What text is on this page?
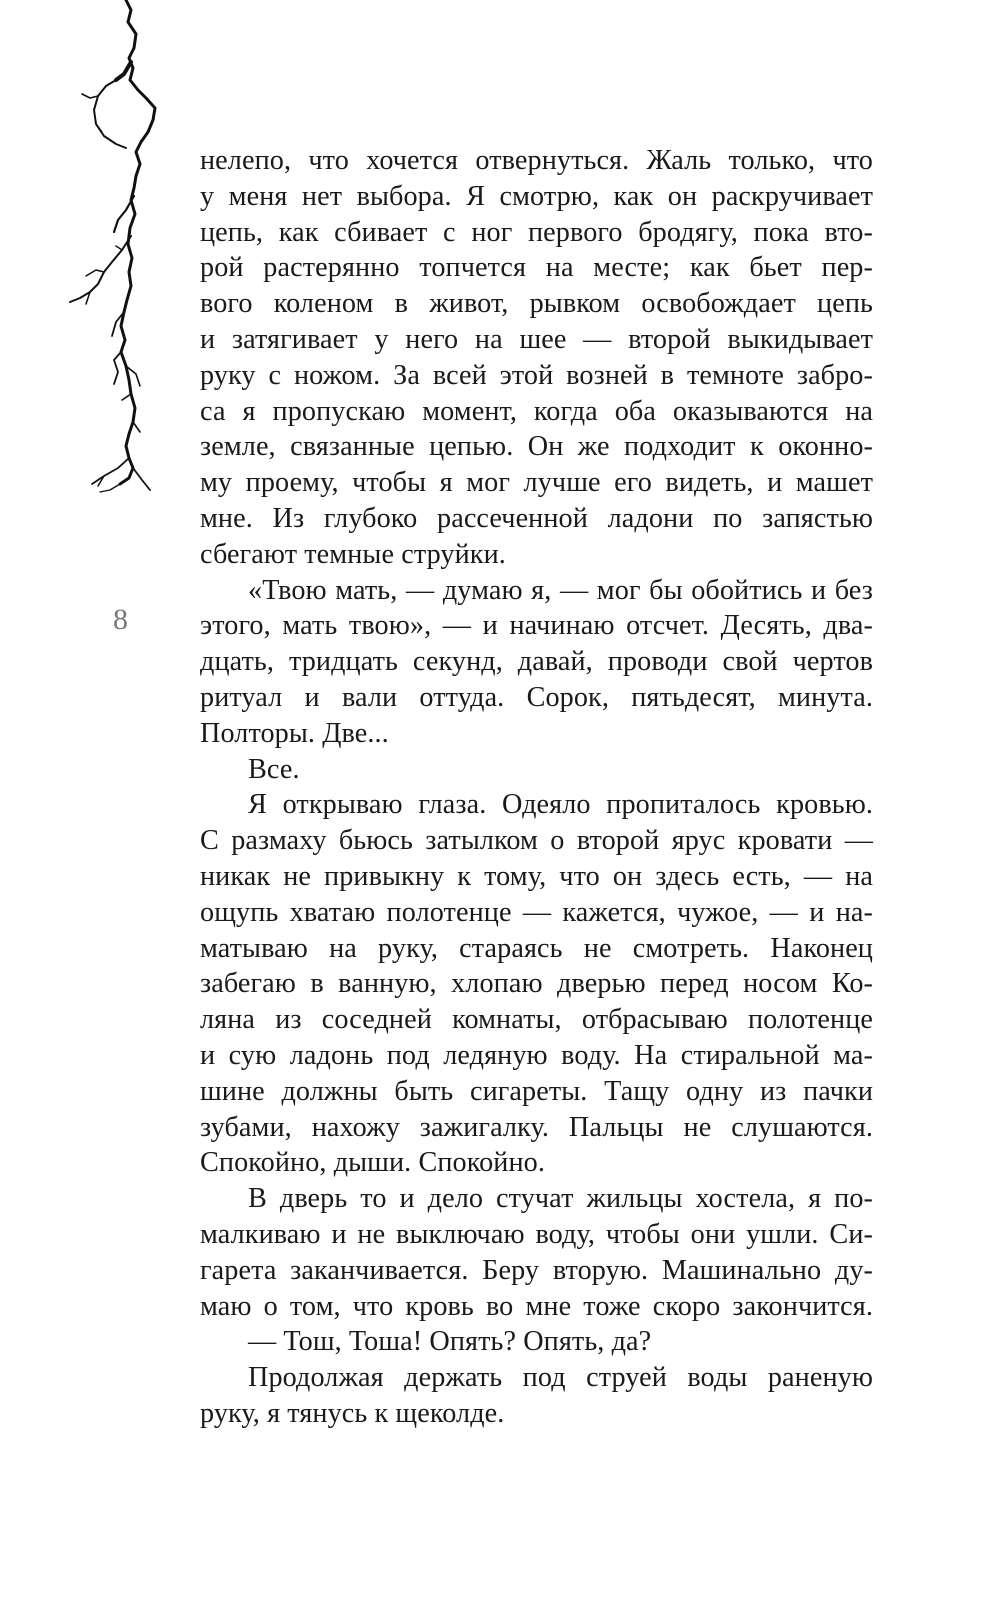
8

нелепо, что хочется отвернуться. Жаль только, что
у меня нет выбора. Я смотрю, как он раскручивает
цепь, как сбивает с ног первого бродягу, пока вто-
рой растерянно топчется на месте; как бьет пер-
вого коленом в живот, рывком освобождает цепь
и затягивает у него на шее — второй выкидывает
руку с ножом. За всей этой возней в темноте забро-
са я пропускаю момент, когда оба оказываются на
земле, связанные цепью. Он же подходит к оконно-
му проему, чтобы я мог лучше его видеть, и машет
мне. Из глубоко рассеченной ладони по запястью
сбегают темные струйки.

«Твою мать, — думаю я, — мог бы обойтись и без
этого, мать твою», — и начинаю отсчет. Десять, два-
дцать, тридцать секунд, давай, проводи свой чертов
ритуал и вали оттуда. Сорок, пятьдесят, минута.
Полторы. Две...

Все.

Я открываю глаза. Одеяло пропиталось кровью.
С размаху бьюсь затылком о второй ярус кровати —
никак не привыкну к тому, что он здесь есть, — на
ощупь хватаю полотенце — кажется, чужое, — и на-
матываю на руку, стараясь не смотреть. Наконец
забегаю в ванную, хлопаю дверью перед носом Ко-
ляна из соседней комнаты, отбрасываю полотенце
и сую ладонь под ледяную воду. На стиральной ма-
шине должны быть сигареты. Тащу одну из пачки
зубами, нахожу зажигалку. Пальцы не слушаются.
Спокойно, дыши. Спокойно.

В дверь то и дело стучат жильцы хостела, я по-
малкиваю и не выключаю воду, чтобы они ушли. Си-
гарета заканчивается. Беру вторую. Машинально ду-
маю о том, что кровь во мне тоже скоро закончится.

— Тош, Тоша! Опять? Опять, да?

Продолжая держать под струей воды раненую
руку, я тянусь к щеколде.
